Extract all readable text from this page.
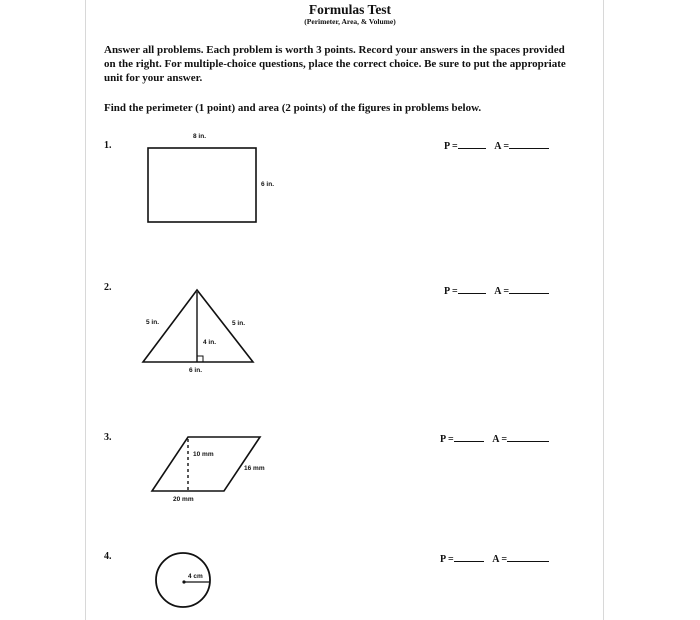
Formulas Test
(Perimeter, Area, & Volume)
Answer all problems. Each problem is worth 3 points. Record your answers in the spaces provided on the right. For multiple-choice questions, place the correct choice. Be sure to put the appropriate unit for your answer.
Find the perimeter (1 point) and area (2 points) of the figures in problems below.
1.
2.
3.
4.
P =	A =
P =	A =
P =	A =
P =	A =
8 in.
6 in.
5 in.	5 in.
4 in.
6 in.
10 mm
16 mm
20 mm
4 cm
